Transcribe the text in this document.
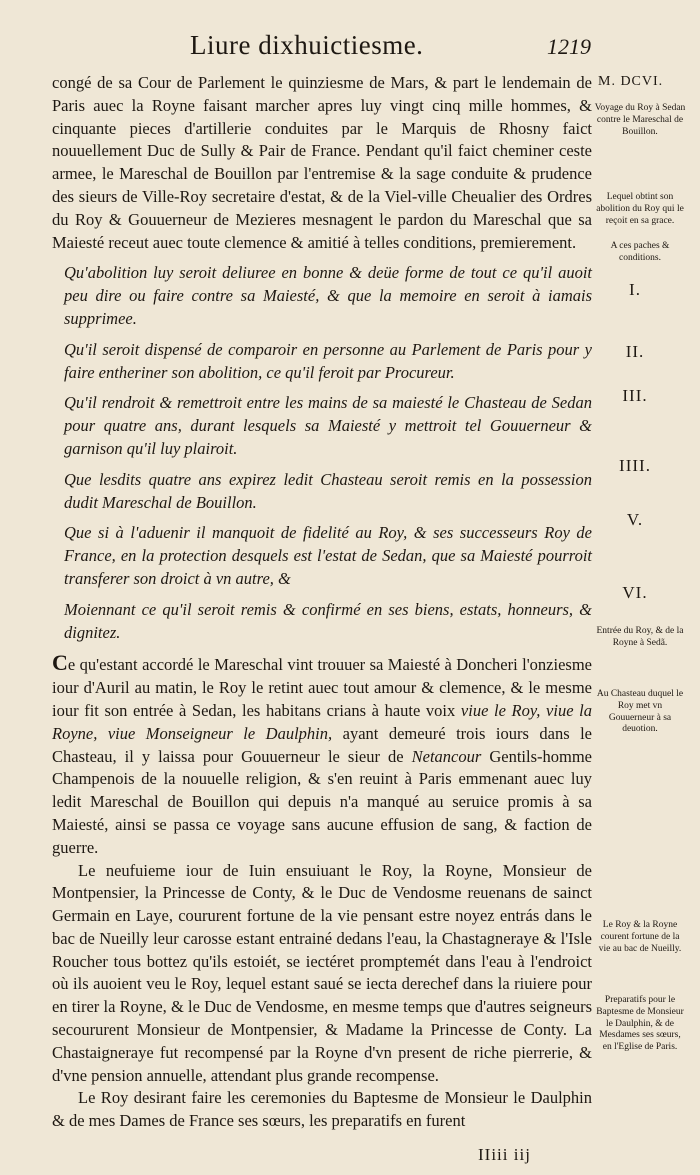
Liure dixhuictiesme.	1219
M. DCVI.
Voyage du Roy à Sedan contre le Mareschal de Bouillon.
Lequel obtint son abolition du Roy qui le reçoit en sa grace.
A ces paches & conditions.
Entrée du Roy, & de la Royne à Sedã.
Au Chasteau duquel le Roy met vn Gouuerneur à sa deuotion.
Le Roy & la Royne courent fortune de la vie au bac de Nueilly.
Preparatifs pour le Baptesme de Monsieur le Daulphin, & de Mesdames ses sœurs, en l'Eglise de Paris.
I.
II.
III.
IIII.
V.
VI.

congé de sa Cour de Parlement le quinziesme de Mars, & part le lendemain de Paris auec la Royne faisant marcher apres luy vingt cinq mille hommes, & cinquante pieces d'artillerie conduites par le Marquis de Rhosny faict nouuellement Duc de Sully & Pair de France. Pendant qu'il faict cheminer ceste armee, le Mareschal de Bouillon par l'entremise & la sage conduite & prudence des sieurs de Ville-Roy secretaire d'estat, & de la Viel-ville Cheualier des Ordres du Roy & Gouuerneur de Mezieres mesnagent le pardon du Mareschal que sa Maiesté receut auec toute clemence & amitié à telles conditions, premierement.

Qu'abolition luy seroit deliuree en bonne & deüe forme de tout ce qu'il auoit peu dire ou faire contre sa Maiesté, & que la memoire en seroit à iamais supprimee.

Qu'il seroit dispensé de comparoir en personne au Parlement de Paris pour y faire entheriner son abolition, ce qu'il feroit par Procureur.

Qu'il rendroit & remettroit entre les mains de sa maiesté le Chasteau de Sedan pour quatre ans, durant lesquels sa Maiesté y mettroit tel Gouuerneur & garnison qu'il luy plairoit.

Que lesdits quatre ans expirez ledit Chasteau seroit remis en la possession dudit Mareschal de Bouillon.

Que si à l'aduenir il manquoit de fidelité au Roy, & ses successeurs Roy de France, en la protection desquels est l'estat de Sedan, que sa Maiesté pourroit transferer son droict à vn autre, &

Moiennant ce qu'il seroit remis & confirmé en ses biens, estats, honneurs, & dignitez.

Ce qu'estant accordé le Mareschal vint trouuer sa Maiesté à Doncheri l'onziesme iour d'Auril au matin, le Roy le retint auec tout amour & clemence, & le mesme iour fit son entrée à Sedan, les habitans crians à haute voix viue le Roy, viue la Royne, viue Monseigneur le Daulphin, ayant demeuré trois iours dans le Chasteau, il y laissa pour Gouuerneur le sieur de Netancour Gentils-homme Champenois de la nouuelle religion, & s'en reuint à Paris emmenant auec luy ledit Mareschal de Bouillon qui depuis n'a manqué au seruice promis à sa Maiesté, ainsi se passa ce voyage sans aucune effusion de sang, & faction de guerre.

Le neufuieme iour de Iuin ensuiuant le Roy, la Royne, Monsieur de Montpensier, la Princesse de Conty, & le Duc de Vendosme reuenans de sainct Germain en Laye, coururent fortune de la vie pensant estre noyez entrás dans le bac de Nueilly leur carosse estant entrainé dedans l'eau, la Chastagneraye & l'Isle Roucher tous bottez qu'ils estoiét, se iectéret promptemét dans l'eau à l'endroict où ils auoient veu le Roy, lequel estant saué se iecta derechef dans la riuiere pour en tirer la Royne, & le Duc de Vendosme, en mesme temps que d'autres seigneurs secoururent Monsieur de Montpensier, & Madame la Princesse de Conty. La Chastaigneraye fut recompensé par la Royne d'vn present de riche pierrerie, & d'vne pension annuelle, attendant plus grande recompense.

Le Roy desirant faire les ceremonies du Baptesme de Monsieur le Daulphin & de mes Dames de France ses sœurs, les preparatifs en furent

IIiii iij
